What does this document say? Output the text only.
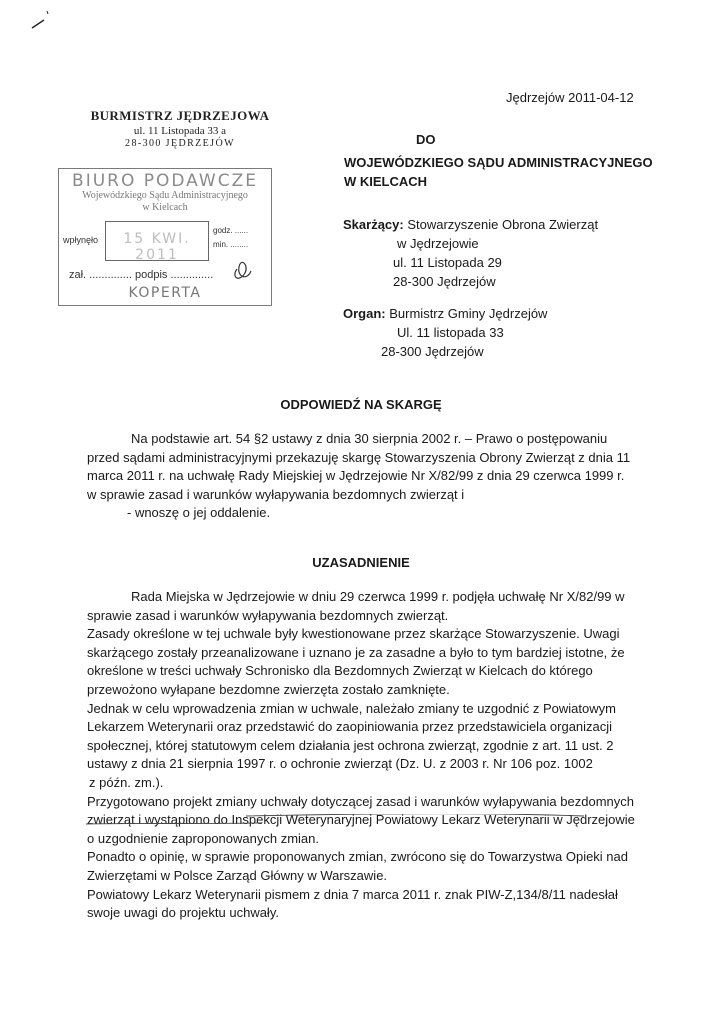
Jędrzejów 2011-04-12
BURMISTRZ JĘDRZEJOWA
ul. 11 Listopada 33 a
28-300 JĘDRZEJÓW
BIURO PODAWCZE
Wojewódzkiego Sądu Administracyjnego
w Kielcach
wpłynęło	15 KWI. 2011
godz. ......
min. ........
zał. .............. podpis ..............
KOPERTA
DO
WOJEWÓDZKIEGO SĄDU ADMINISTRACYJNEGO
W KIELCACH
Skarżący: Stowarzyszenie Obrona Zwierząt
w Jędrzejowie
ul. 11 Listopada 29
28-300 Jędrzejów
Organ: Burmistrz Gminy Jędrzejów
Ul. 11 listopada 33
28-300 Jędrzejów
ODPOWIEDŹ NA SKARGĘ

Na podstawie art. 54 §2 ustawy z dnia 30 sierpnia 2002 r. – Prawo o postępowaniu przed sądami administracyjnymi przekazuję skargę Stowarzyszenia Obrony Zwierząt z dnia 11 marca 2011 r. na uchwałę Rady Miejskiej w Jędrzejowie Nr X/82/99 z dnia 29 czerwca 1999 r. w sprawie zasad i warunków wyłapywania bezdomnych zwierząt i

- wnoszę o jej oddalenie.

UZASADNIENIE

Rada Miejska w Jędrzejowie w dniu 29 czerwca 1999 r. podjęła uchwałę Nr X/82/99 w sprawie zasad i warunków wyłapywania bezdomnych zwierząt.

Zasady określone w tej uchwale były kwestionowane przez skarżące Stowarzyszenie. Uwagi skarżącego zostały przeanalizowane i uznano je za zasadne a było to tym bardziej istotne, że określone w treści uchwały Schronisko dla Bezdomnych Zwierząt w Kielcach do którego przewożono wyłapane bezdomne zwierzęta zostało zamknięte.

Jednak w celu wprowadzenia zmian w uchwale, należało zmiany te uzgodnić z Powiatowym Lekarzem Weterynarii oraz przedstawić do zaopiniowania przez przedstawiciela organizacji społecznej, której statutowym celem działania jest ochrona zwierząt, zgodnie z art. 11 ust. 2 ustawy z dnia 21 sierpnia 1997 r. o ochronie zwierząt (Dz. U. z 2003 r. Nr 106 poz. 1002

z późn. zm.).

Przygotowano projekt zmiany uchwały dotyczącej zasad i warunków wyłapywania bezdomnych zwierząt i wystąpiono do Inspekcji Weterynaryjnej Powiatowy Lekarz Weterynarii w Jędrzejowie o uzgodnienie zaproponowanych zmian.

Ponadto o opinię, w sprawie proponowanych zmian, zwrócono się do Towarzystwa Opieki nad Zwierzętami w Polsce Zarząd Główny w Warszawie.

Powiatowy Lekarz Weterynarii pismem z dnia 7 marca 2011 r. znak PIW-Z,134/8/11 nadesłał swoje uwagi do projektu uchwały.
